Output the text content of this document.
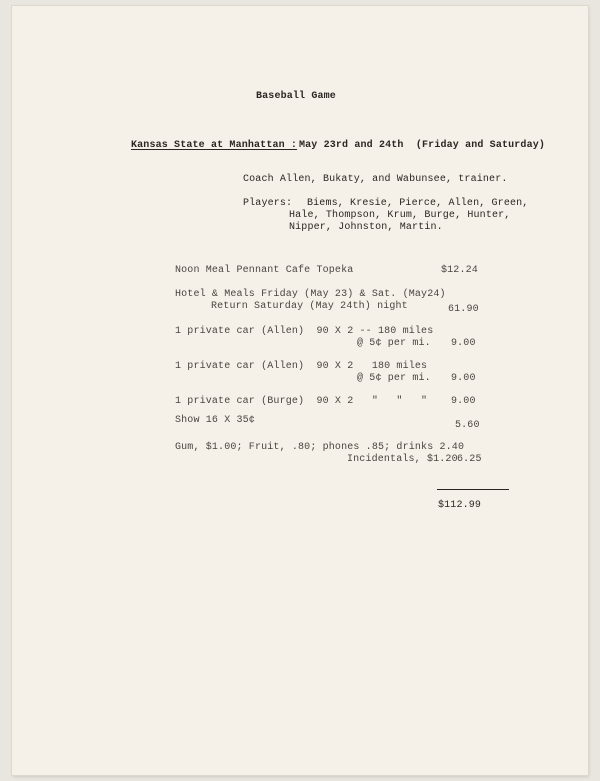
Baseball Game
Kansas State at Manhattan : May 23rd and 24th  (Friday and Saturday)
Coach Allen, Bukaty, and Wabunsee, trainer.
Players: Biems, Kresie, Pierce, Allen, Green,
Hale, Thompson, Krum, Burge, Hunter,
Nipper, Johnston, Martin.
Noon Meal Pennant Cafe Topeka	$12.24
Hotel & Meals Friday (May 23) & Sat. (May24)
Return Saturday (May 24th) night	61.90
1 private car (Allen)  90 X 2 -- 180 miles
@ 5¢ per mi. 9.00
1 private car (Allen)  90 X 2   180 miles
@ 5¢ per mi. 9.00
1 private car (Burge)  90 X 2   "   "   " 9.00
Show 16 X 35¢	5.60
Gum, $1.00; Fruit, .80; phones .85; drinks 2.40
Incidentals, $1.20 6.25
$112.99
